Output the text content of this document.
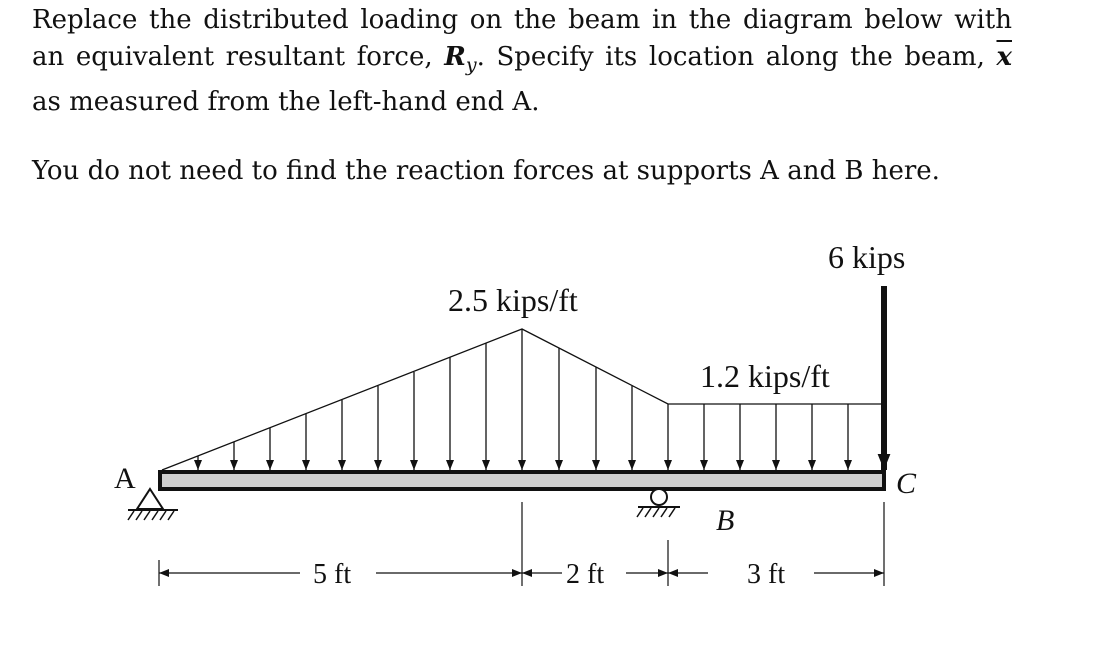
Replace the distributed loading on the beam in the diagram below with an equivalent resultant force, $R_y$. Specify its location along the beam, $\overline{x}$ as measured from the left-hand end A.

You do not need to find the reaction forces at supports A and B here.

A
B
C
2.5 kips/ft
1.2 kips/ft
6 kips
5 ft	2 ft	3 ft
